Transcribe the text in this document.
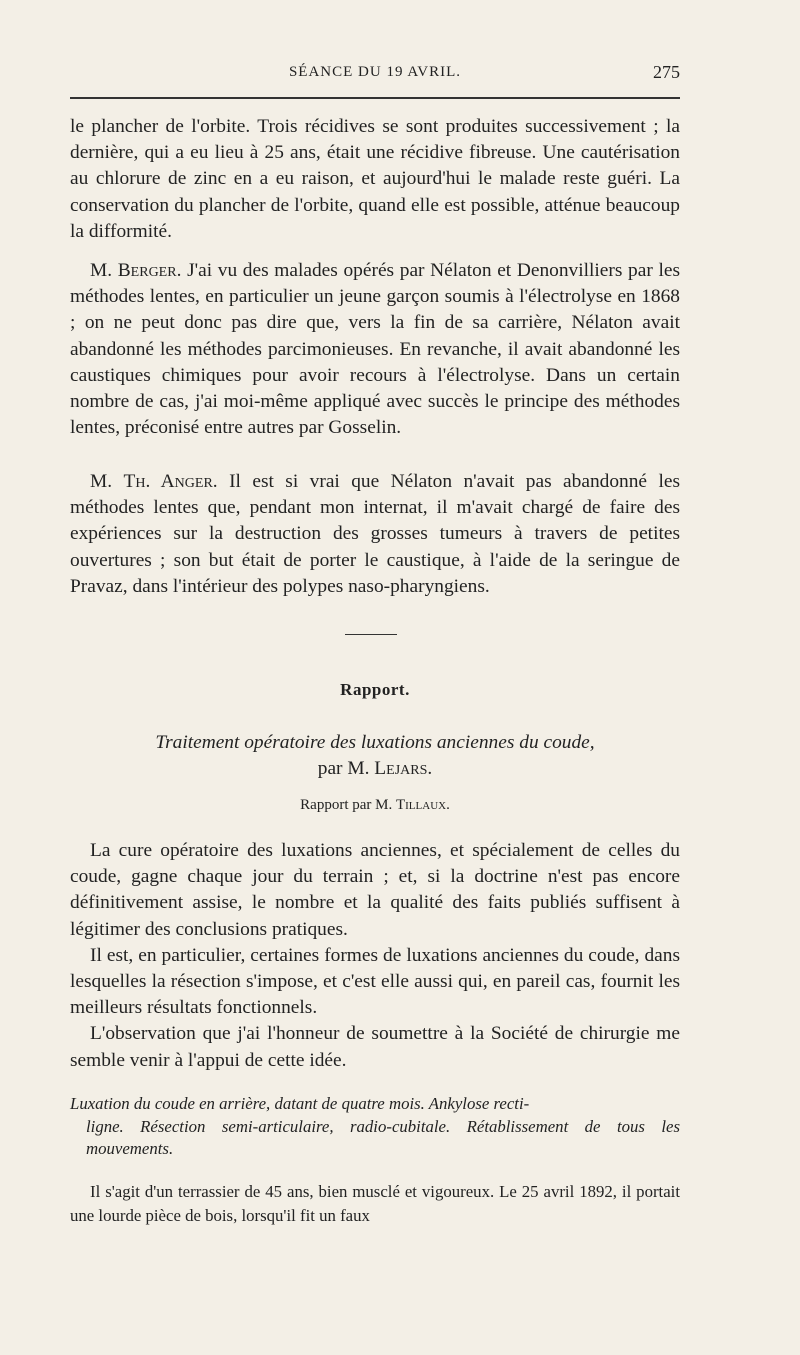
SÉANCE DU 19 AVRIL.	275

le plancher de l'orbite. Trois récidives se sont produites successivement ; la dernière, qui a eu lieu à 25 ans, était une récidive fibreuse. Une cautérisation au chlorure de zinc en a eu raison, et aujourd'hui le malade reste guéri. La conservation du plancher de l'orbite, quand elle est possible, atténue beaucoup la difformité.

M. Berger. J'ai vu des malades opérés par Nélaton et Denonvilliers par les méthodes lentes, en particulier un jeune garçon soumis à l'électrolyse en 1868 ; on ne peut donc pas dire que, vers la fin de sa carrière, Nélaton avait abandonné les méthodes parcimonieuses. En revanche, il avait abandonné les caustiques chimiques pour avoir recours à l'électrolyse. Dans un certain nombre de cas, j'ai moi-même appliqué avec succès le principe des méthodes lentes, préconisé entre autres par Gosselin.

M. Th. Anger. Il est si vrai que Nélaton n'avait pas abandonné les méthodes lentes que, pendant mon internat, il m'avait chargé de faire des expériences sur la destruction des grosses tumeurs à travers de petites ouvertures ; son but était de porter le caustique, à l'aide de la seringue de Pravaz, dans l'intérieur des polypes naso-pharyngiens.

Rapport.
Traitement opératoire des luxations anciennes du coude,
par M. Lejars.
Rapport par M. Tillaux.

La cure opératoire des luxations anciennes, et spécialement de celles du coude, gagne chaque jour du terrain ; et, si la doctrine n'est pas encore définitivement assise, le nombre et la qualité des faits publiés suffisent à légitimer des conclusions pratiques.

Il est, en particulier, certaines formes de luxations anciennes du coude, dans lesquelles la résection s'impose, et c'est elle aussi qui, en pareil cas, fournit les meilleurs résultats fonctionnels.

L'observation que j'ai l'honneur de soumettre à la Société de chirurgie me semble venir à l'appui de cette idée.

Luxation du coude en arrière, datant de quatre mois. Ankylose recti-
ligne. Résection semi-articulaire, radio-cubitale. Rétablissement de tous les mouvements.

Il s'agit d'un terrassier de 45 ans, bien musclé et vigoureux. Le 25 avril 1892, il portait une lourde pièce de bois, lorsqu'il fit un faux
